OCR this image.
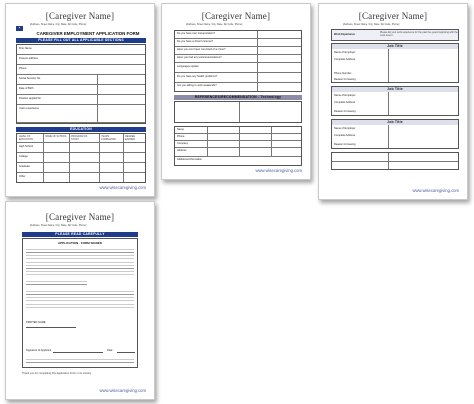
[Caregiver Name]
[Address, Street Name, City, State, Zip Code, Phone]
▲
CAREGIVER EMPLOYMENT APPLICATION FORM
PLEASE FILL OUT ALL APPLICABLE SECTIONS
First Name
Present address
Phone
Social Security No.
Date of Birth
Position applied for
Years experience
EDUCATION
LEVEL OF EDUCATION
NAME OF SCHOOL PROGRAM OF STUDY
YEARS COMPLETED
DEGREE EARNED
High School
College
Graduate
Other
www.wisecaregiving.com
[Caregiver Name]
[Address, Street Name, City, State, Zip Code, Phone]
Do you have own transportation?
Do you have a driver's license?
Have you ever been convicted of a crime?
Have you had any tests/examinations?
Languages spoken
Do you have any health problems?
Are you willing to work weekends?
REFERENCES/RECOMMENDATION - Technology
Name
Phone
Company
Address
Additional information
www.wisecaregiving.com
[Caregiver Name]
[Address, Street Name, City, State, Zip Code, Phone]
Work Experience
Please list your work experience for the past five years beginning with the most recent
Job Title
Name of Employer
Complete Address
Phone Number
Reason for leaving
Job Title
Name of Employer
Complete Address
Reason for leaving
Job Title
Name of Employer
Complete Address
Reason for leaving
www.wisecaregiving.com
[Caregiver Name]
[Address, Street Name, City, State, Zip Code, Phone]
PLEASE READ CAREFULLY
APPLICATION - FORM SIGNED
PRINTED NAME
Signature of Applicant	Date
Thank you for completing this Application Form in its entirety.
www.wisecaregiving.com
